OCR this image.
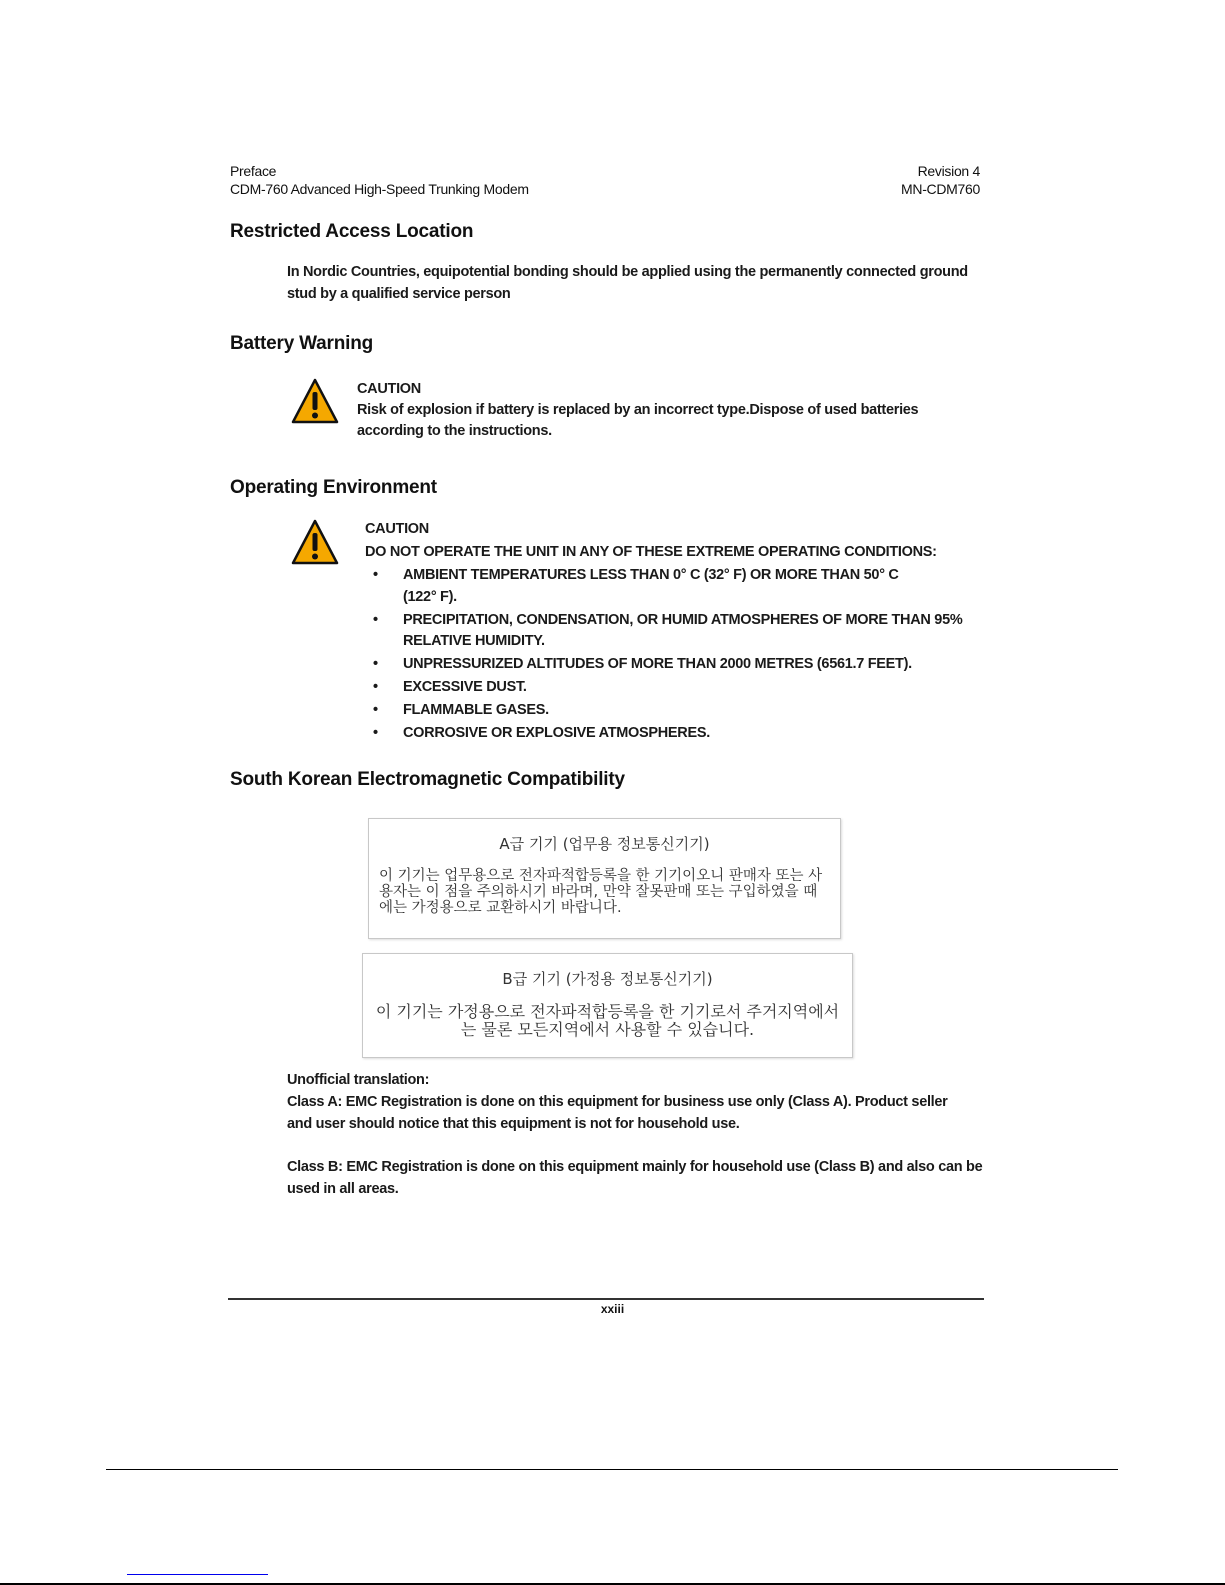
Preface
CDM-760 Advanced High-Speed Trunking Modem
Revision 4
MN-CDM760
Restricted Access Location
In Nordic Countries, equipotential bonding should be applied using the permanently connected ground stud by a qualified service person
Battery Warning
CAUTION
Risk of explosion if battery is replaced by an incorrect type.Dispose of used batteries according to the instructions.
Operating Environment
CAUTION
DO NOT OPERATE THE UNIT IN ANY OF THESE EXTREME OPERATING CONDITIONS:
• AMBIENT TEMPERATURES LESS THAN 0° C (32° F) OR MORE THAN 50° C (122° F).
• PRECIPITATION, CONDENSATION, OR HUMID ATMOSPHERES OF MORE THAN 95% RELATIVE HUMIDITY.
• UNPRESSURIZED ALTITUDES OF MORE THAN 2000 METRES (6561.7 FEET).
• EXCESSIVE DUST.
• FLAMMABLE GASES.
• CORROSIVE OR EXPLOSIVE ATMOSPHERES.
South Korean Electromagnetic Compatibility
A급 기기 (업무용 정보통신기기)
이 기기는 업무용으로 전자파적합등록을 한 기기이오니 판매자 또는 사용자는 이 점을 주의하시기 바라며, 만약 잘못판매 또는 구입하였을 때에는 가정용으로 교환하시기 바랍니다.
B급 기기 (가정용 정보통신기기)
이 기기는 가정용으로 전자파적합등록을 한 기기로서 주거지역에서는 물론 모든지역에서 사용할 수 있습니다.
Unofficial translation:
Class A: EMC Registration is done on this equipment for business use only (Class A). Product seller and user should notice that this equipment is not for household use.
Class B: EMC Registration is done on this equipment mainly for household use (Class B) and also can be used in all areas.
xxiii
